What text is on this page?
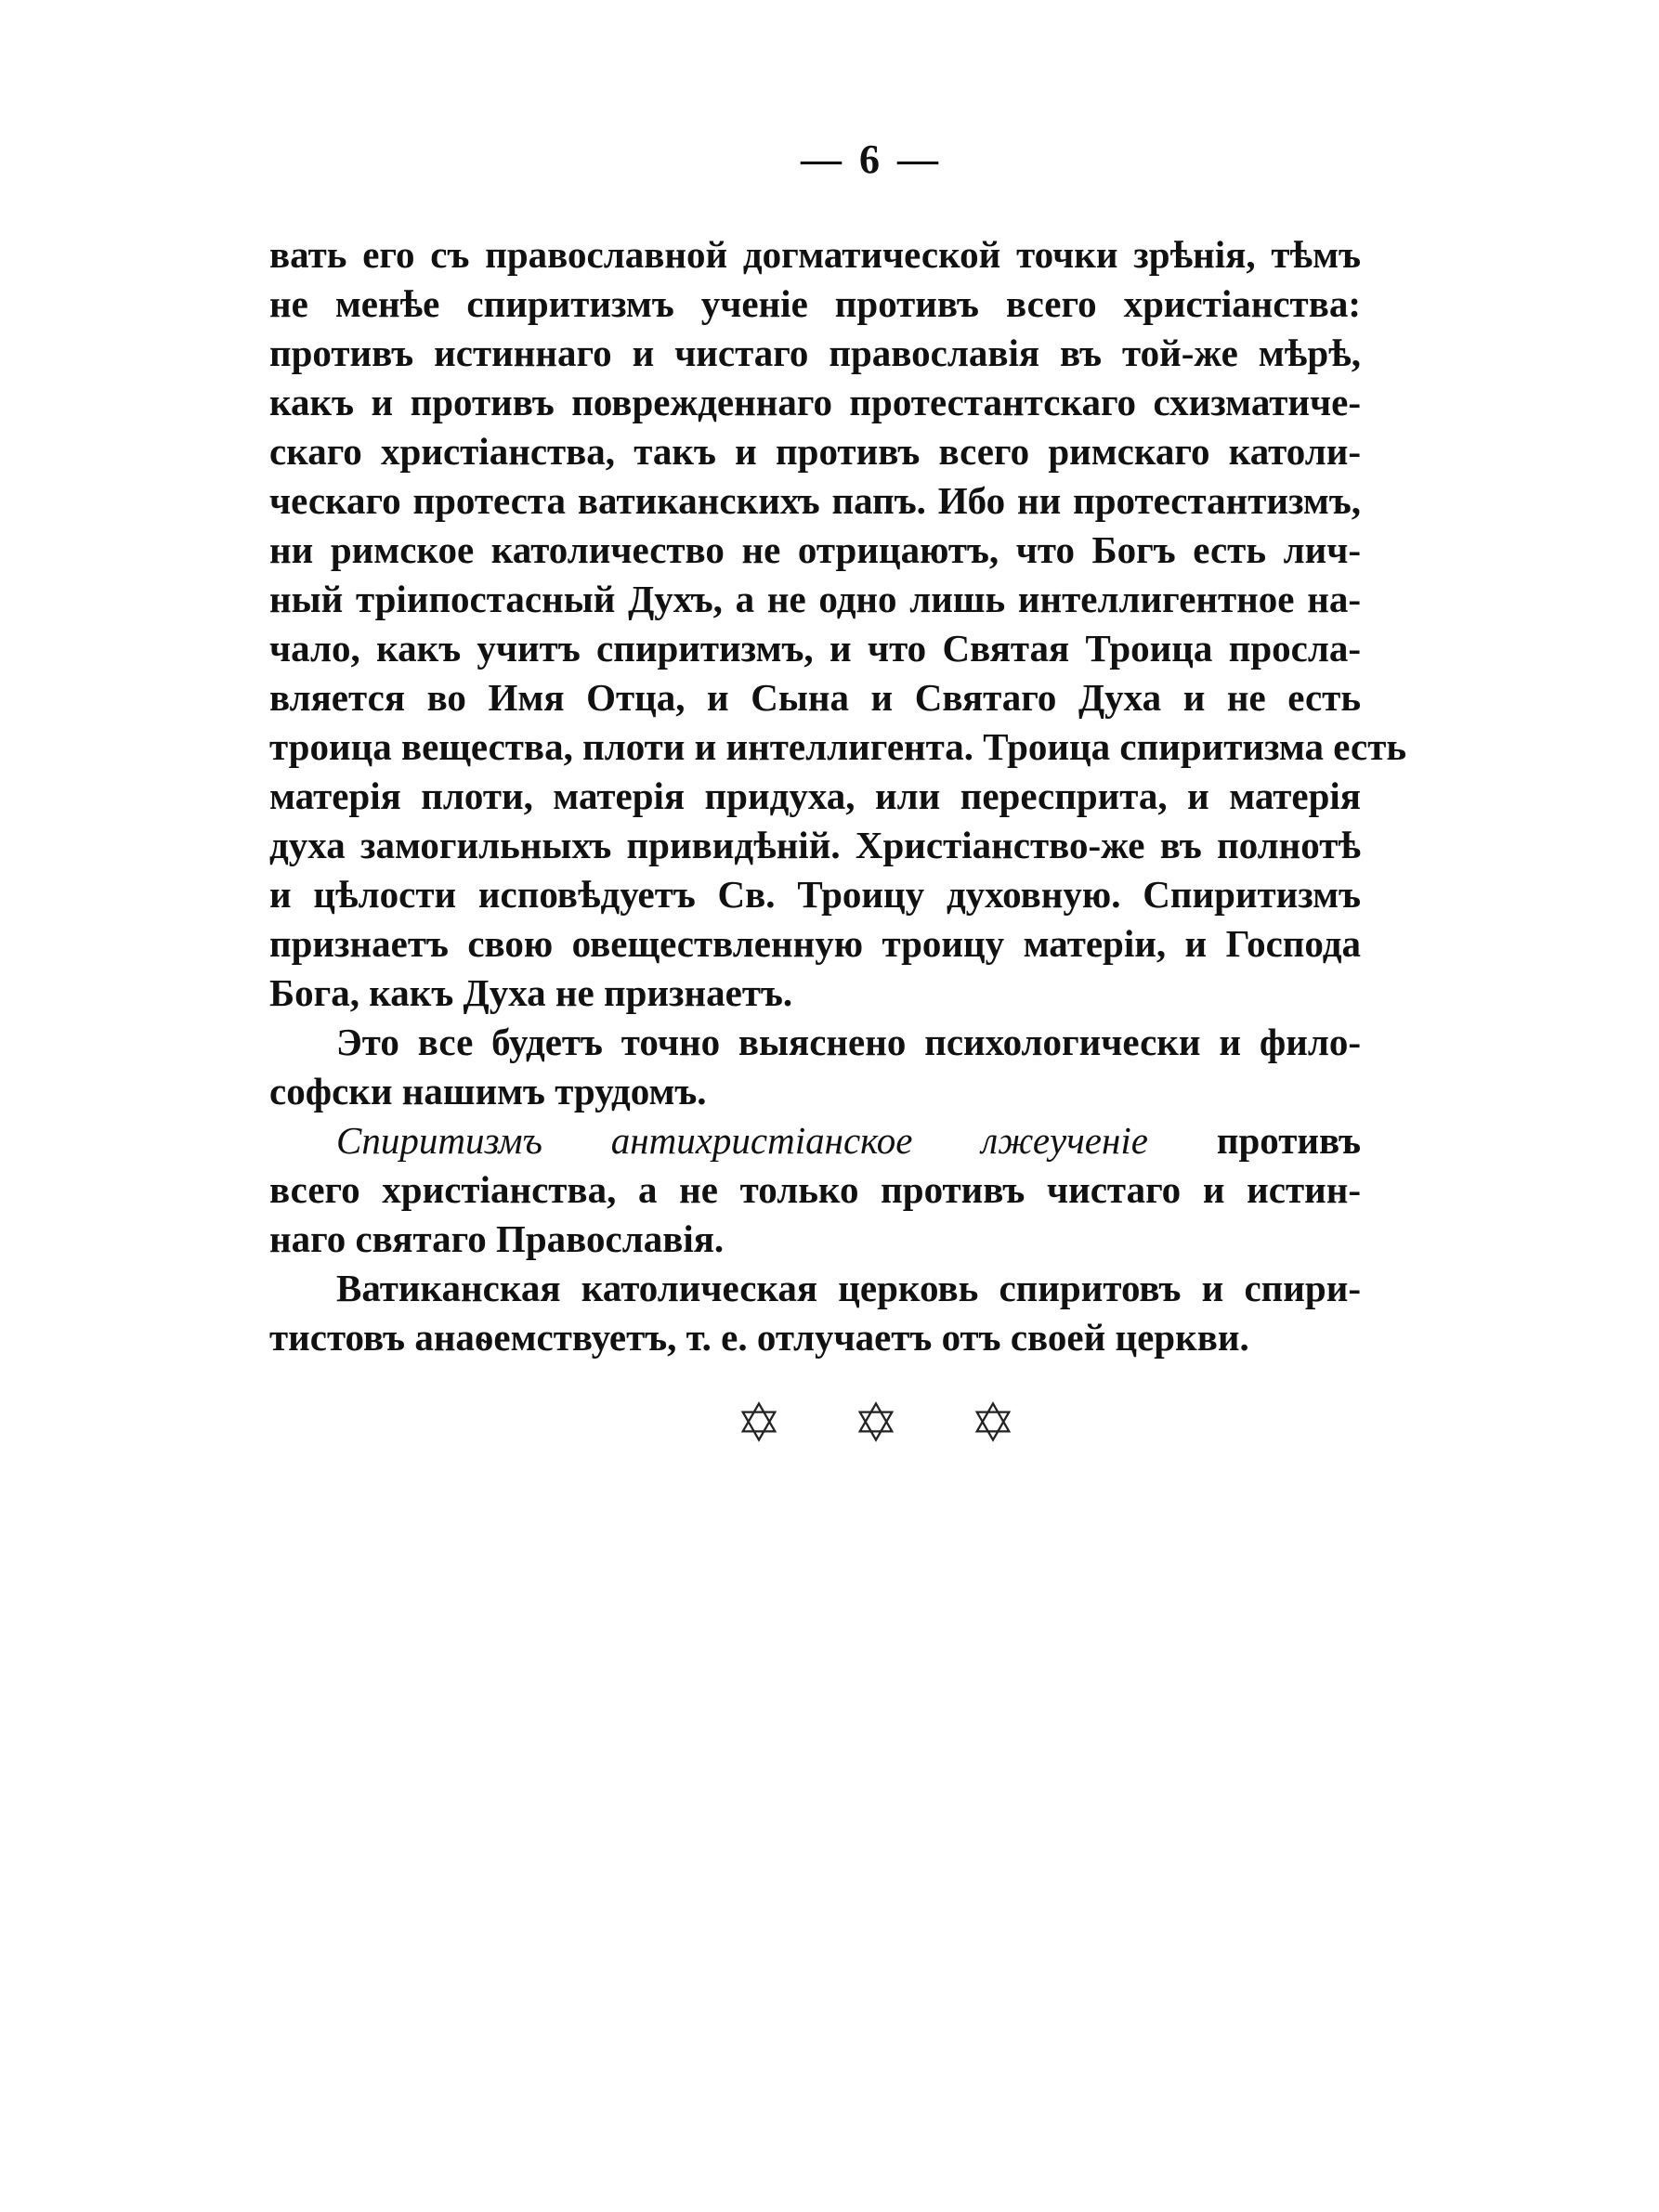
— 6 —
вать его съ православной догматической точки зрѣнія, тѣмъ
не менѣе спиритизмъ ученіе противъ всего христіанства:
противъ истиннаго и чистаго православія въ той-же мѣрѣ,
какъ и противъ поврежденнаго протестантскаго схизматиче-
скаго христіанства, такъ и противъ всего римскаго католи-
ческаго протеста ватиканскихъ папъ. Ибо ни протестантизмъ,
ни римское католичество не отрицаютъ, что Богъ есть лич-
ный тріипостасный Духъ, а не одно лишь интеллигентное на-
чало, какъ учитъ спиритизмъ, и что Святая Троица просла-
вляется во Имя Отца, и Сына и Святаго Духа и не есть
троица вещества, плоти и интеллигента. Троица спиритизма есть
матерія плоти, матерія придуха, или пересприта, и матерія
духа замогильныхъ привидѣній. Христіанство-же въ полнотѣ
и цѣлости исповѣдуетъ Св. Троицу духовную. Спиритизмъ
признаетъ свою овеществленную троицу матеріи, и Господа
Бога, какъ Духа не признаетъ.
Это все будетъ точно выяснено психологически и фило-
софски нашимъ трудомъ.
Спиритизмъ антихристіанское лжеученіе противъ
всего христіанства, а не только противъ чистаго и истин-
наго святаго Православія.
Ватиканская католическая церковь спиритовъ и спири-
тистовъ анаѳемствуетъ, т. е. отлучаетъ отъ своей церкви.
